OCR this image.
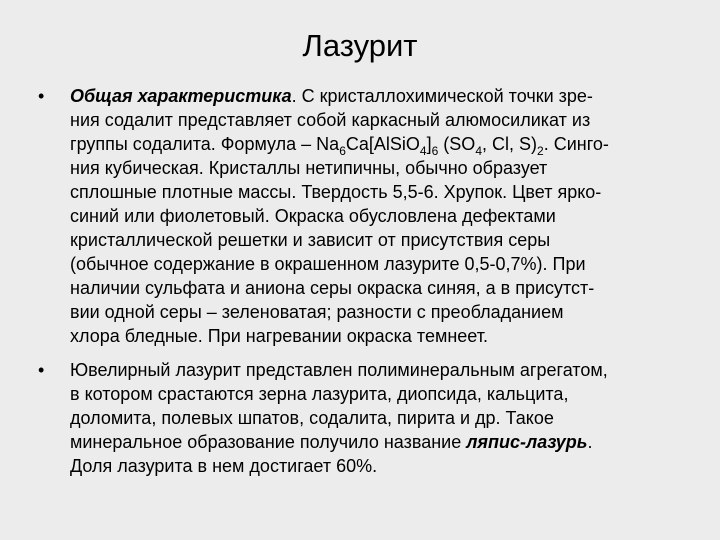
Лазурит
• Общая характеристика. С кристаллохимической точки зре-
ния содалит представляет собой каркасный алюмосиликат из
группы содалита. Формула – $Na_6Ca[AlSiO_4]_6$ ($SO_4$, Cl, $S)_2$. Синго-
ния кубическая. Кристаллы нетипичны, обычно образует
сплошные плотные массы. Твердость 5,5-6. Хрупок. Цвет ярко-
синий или фиолетовый. Окраска обусловлена дефектами
кристаллической решетки и зависит от присутствия серы
(обычное содержание в окрашенном лазурите 0,5-0,7%). При
наличии сульфата и аниона серы окраска синяя, а в присутст-
вии одной серы – зеленоватая; разности с преобладанием
хлора бледные. При нагревании окраска темнеет.
• Ювелирный лазурит представлен полиминеральным агрегатом,
в котором срастаются зерна лазурита, диопсида, кальцита,
доломита, полевых шпатов, содалита, пирита и др. Такое
минеральное образование получило название ляпис-лазурь.
Доля лазурита в нем достигает 60%.
